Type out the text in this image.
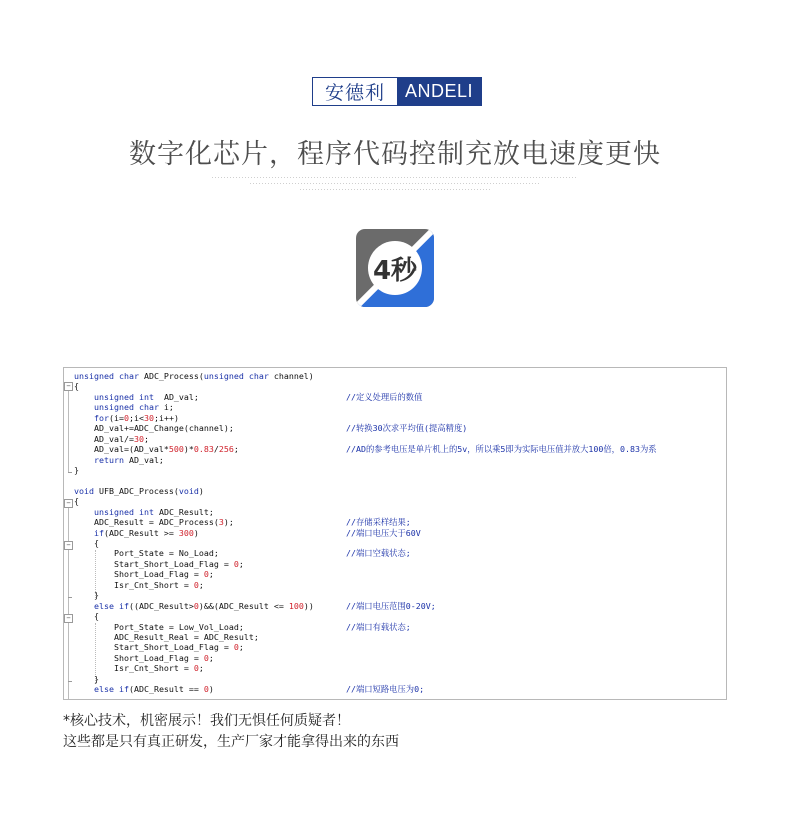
安德利	ANDELI
数字化芯片，程序代码控制充放电速度更快
4秒
−
−
−
−
unsigned char ADC_Process(unsigned char channel)
{
unsigned int  AD_val;	//定义处理后的数值
unsigned char i;
for(i=0;i<30;i++)
AD_val+=ADC_Change(channel);	//转换30次求平均值(提高精度)
AD_val/=30;
AD_val=(AD_val*500)*0.83/256;	//AD的参考电压是单片机上的5v，所以乘5即为实际电压值并放大100倍，0.83为系
return AD_val;
}
void UFB_ADC_Process(void)
{
unsigned int ADC_Result;
ADC_Result = ADC_Process(3);	//存储采样结果;
if(ADC_Result >= 300)	//端口电压大于60V
{
Port_State = No_Load;	//端口空载状态;
Start_Short_Load_Flag = 0;
Short_Load_Flag = 0;
Isr_Cnt_Short = 0;
}
else if((ADC_Result>0)&&(ADC_Result <= 100))	//端口电压范围0-20V;
{
Port_State = Low_Vol_Load;	//端口有载状态;
ADC_Result_Real = ADC_Result;
Start_Short_Load_Flag = 0;
Short_Load_Flag = 0;
Isr_Cnt_Short = 0;
}
else if(ADC_Result == 0)	//端口短路电压为0;
*核心技术，机密展示！我们无惧任何质疑者！
这些都是只有真正研发，生产厂家才能拿得出来的东西
